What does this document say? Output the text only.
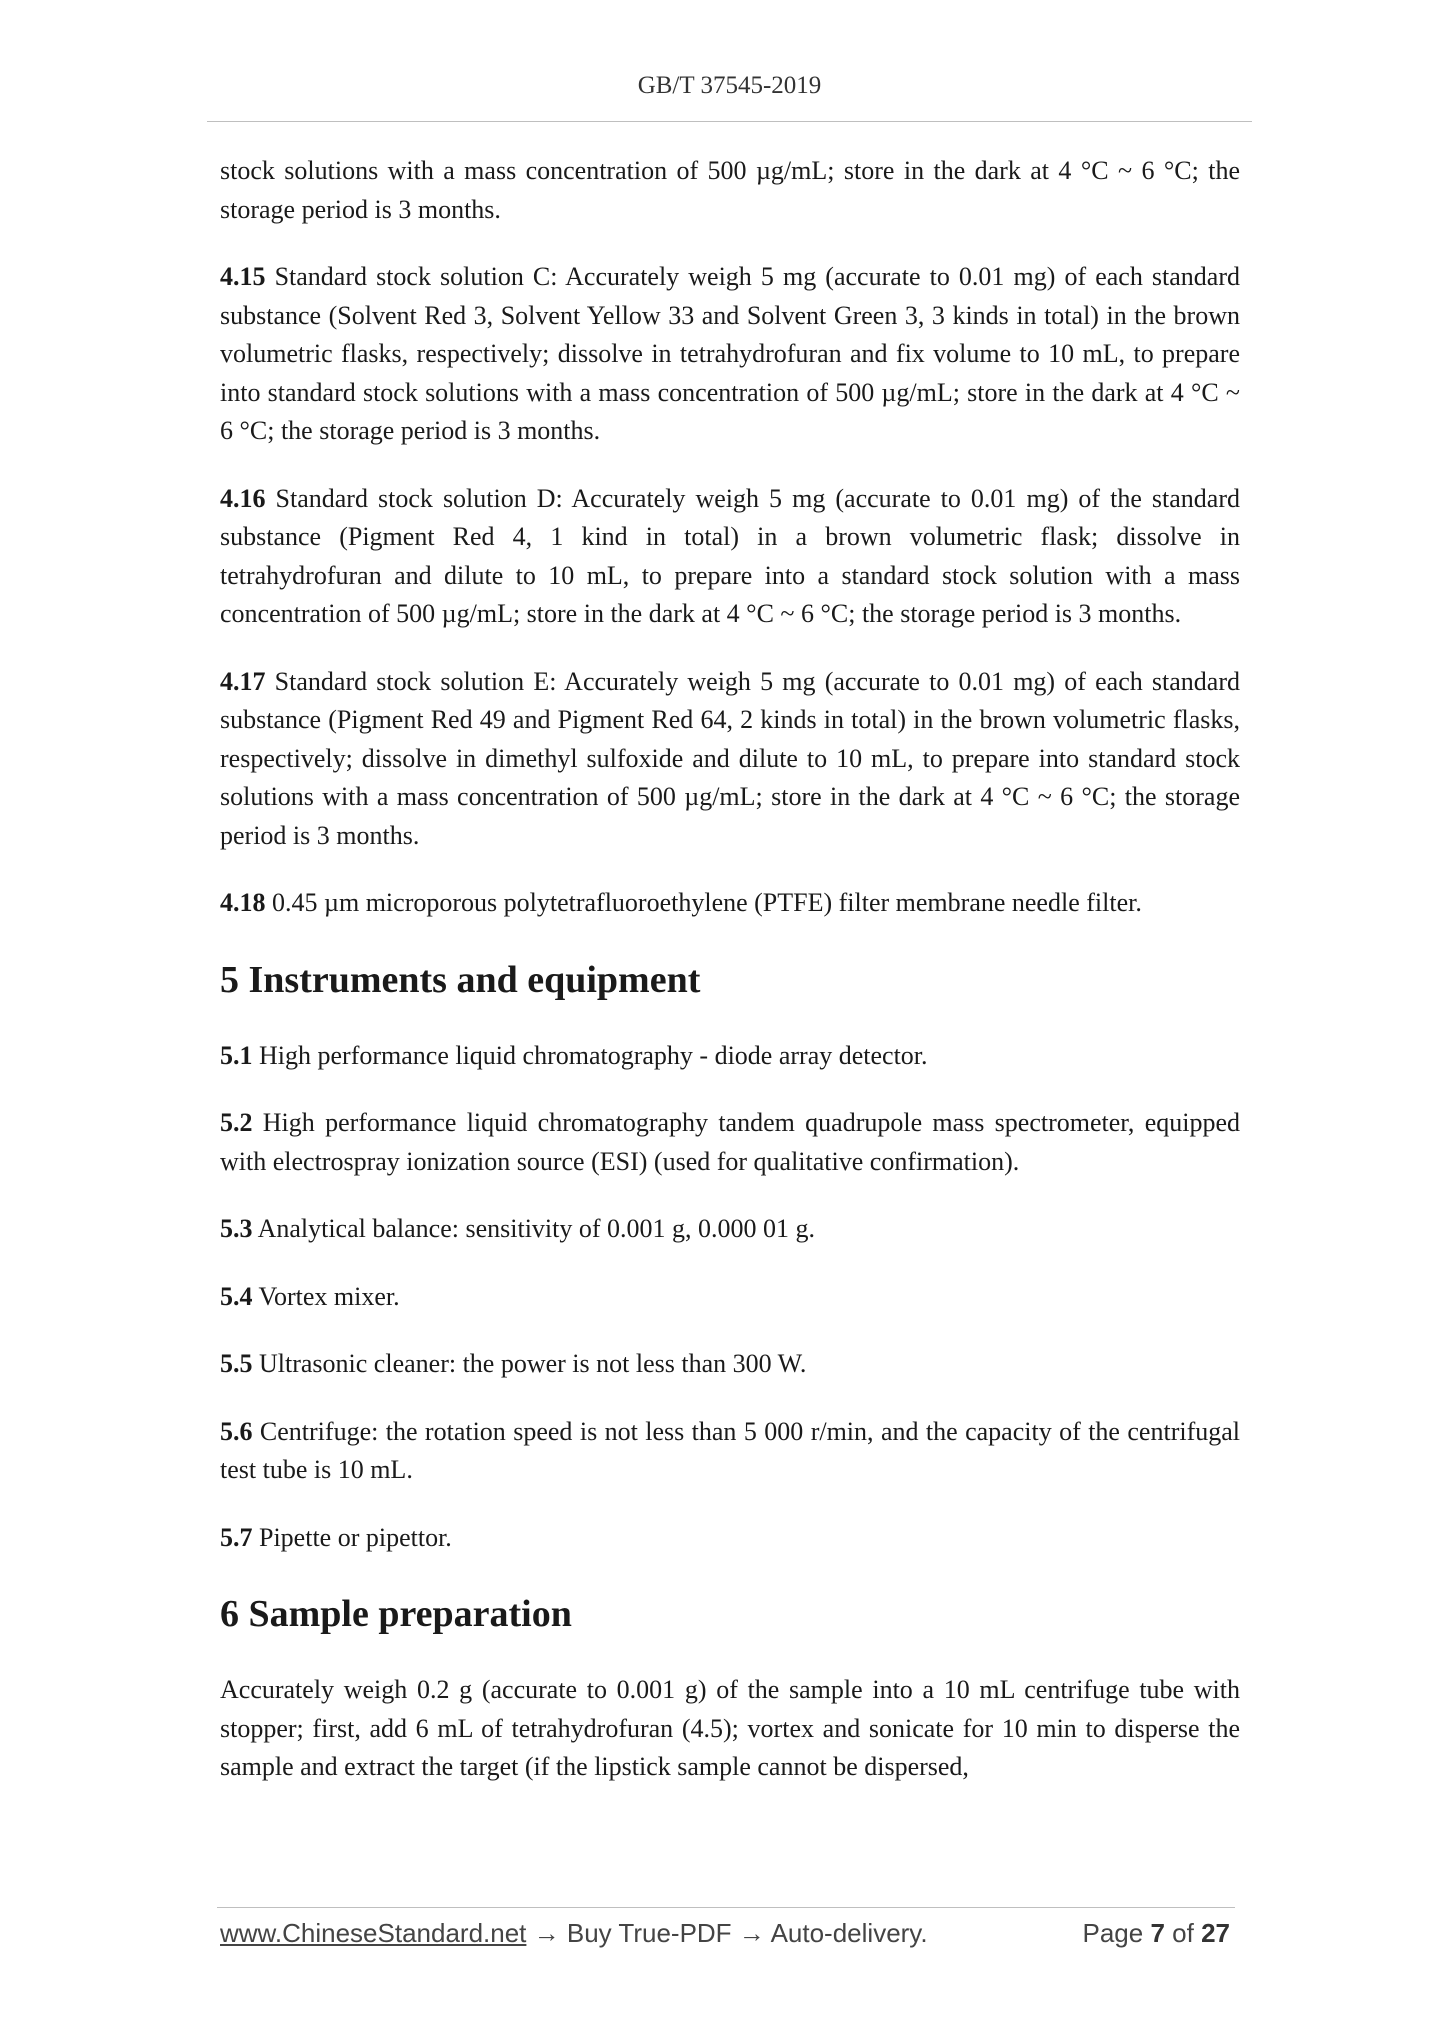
GB/T 37545-2019

stock solutions with a mass concentration of 500 µg/mL; store in the dark at 4 °C ~ 6 °C; the storage period is 3 months.

4.15 Standard stock solution C: Accurately weigh 5 mg (accurate to 0.01 mg) of each standard substance (Solvent Red 3, Solvent Yellow 33 and Solvent Green 3, 3 kinds in total) in the brown volumetric flasks, respectively; dissolve in tetrahydrofuran and fix volume to 10 mL, to prepare into standard stock solutions with a mass concentration of 500 µg/mL; store in the dark at 4 °C ~ 6 °C; the storage period is 3 months.

4.16 Standard stock solution D: Accurately weigh 5 mg (accurate to 0.01 mg) of the standard substance (Pigment Red 4, 1 kind in total) in a brown volumetric flask; dissolve in tetrahydrofuran and dilute to 10 mL, to prepare into a standard stock solution with a mass concentration of 500 µg/mL; store in the dark at 4 °C ~ 6 °C; the storage period is 3 months.

4.17 Standard stock solution E: Accurately weigh 5 mg (accurate to 0.01 mg) of each standard substance (Pigment Red 49 and Pigment Red 64, 2 kinds in total) in the brown volumetric flasks, respectively; dissolve in dimethyl sulfoxide and dilute to 10 mL, to prepare into standard stock solutions with a mass concentration of 500 µg/mL; store in the dark at 4 °C ~ 6 °C; the storage period is 3 months.

4.18 0.45 µm microporous polytetrafluoroethylene (PTFE) filter membrane needle filter.

5 Instruments and equipment

5.1 High performance liquid chromatography - diode array detector.

5.2 High performance liquid chromatography tandem quadrupole mass spectrometer, equipped with electrospray ionization source (ESI) (used for qualitative confirmation).

5.3 Analytical balance: sensitivity of 0.001 g, 0.000 01 g.

5.4 Vortex mixer.

5.5 Ultrasonic cleaner: the power is not less than 300 W.

5.6 Centrifuge: the rotation speed is not less than 5 000 r/min, and the capacity of the centrifugal test tube is 10 mL.

5.7 Pipette or pipettor.

6 Sample preparation

Accurately weigh 0.2 g (accurate to 0.001 g) of the sample into a 10 mL centrifuge tube with stopper; first, add 6 mL of tetrahydrofuran (4.5); vortex and sonicate for 10 min to disperse the sample and extract the target (if the lipstick sample cannot be dispersed,

www.ChineseStandard.net → Buy True-PDF → Auto-delivery.	Page 7 of 27
